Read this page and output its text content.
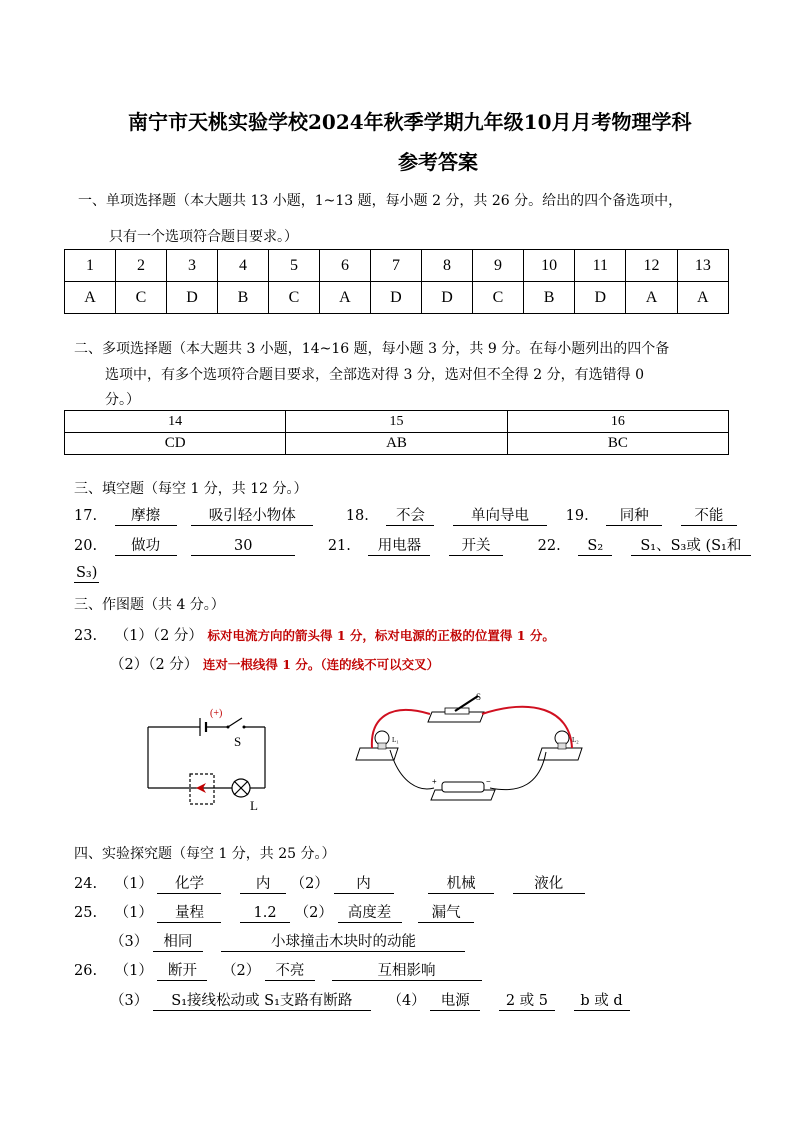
南宁市天桃实验学校2024年秋季学期九年级10月月考物理学科
参考答案
一、单项选择题（本大题共 13 小题，1~13 题，每小题 2 分，共 26 分。给出的四个备选项中，
只有一个选项符合题目要求。）
1	2	3	4	5	6	7	8	9	10	11	12	13
A	C	D	B	C	A	D	D	C	B	D	A	A
二、多项选择题（本大题共 3 小题，14~16 题，每小题 3 分，共 9 分。在每小题列出的四个备
选项中，有多个选项符合题目要求，全部选对得 3 分，选对但不全得 2 分，有选错得 0
分。）
14	15	16
CD	AB	BC
三、填空题（每空 1 分，共 12 分。）
17. 摩擦	吸引轻小物体	18. 不会	单向导电	19. 同种	不能
20. 做功	30	21. 用电器	开关	22. S₂	S₁、S₃或 (S₁和
S₃)
三、作图题（共 4 分。）
23. （1）（2 分） 标对电流方向的箭头得 1 分，标对电源的正极的位置得 1 分。
（2）（2 分） 连对一根线得 1 分。（连的线不可以交叉）
(+)
S
L
S
L₁	L₂
+	−
四、实验探究题（每空 1 分，共 25 分。）
24. （1） 化学	内 （2） 内	机械	液化
25. （1） 量程	1.2 （2） 高度差	漏气
（3） 相同	小球撞击木块时的动能
26. （1） 断开 （2） 不亮	互相影响
（3） S₁接线松动或 S₁支路有断路 （4） 电源 2 或 5 b 或 d
